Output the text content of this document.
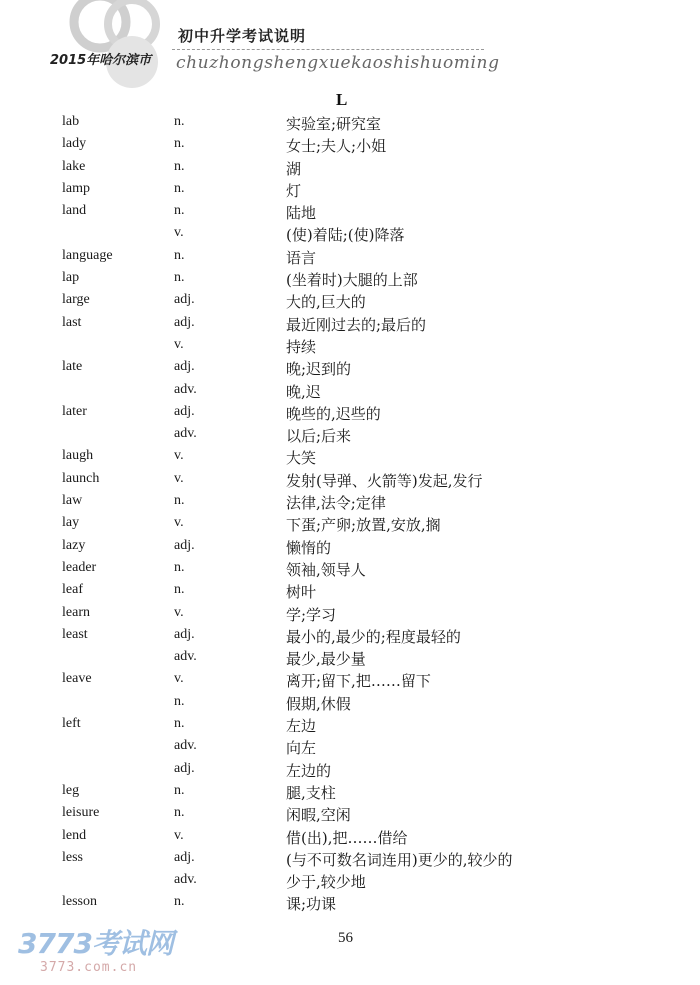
初中升学考试说明
2015年哈尔滨市 chuzhongshengxuekaoshishuoming
L
lab	n.	实验室;研究室
lady	n.	女士;夫人;小姐
lake	n.	湖
lamp	n.	灯
land	n.	陆地
v.	(使)着陆;(使)降落
language	n.	语言
lap	n.	(坐着时)大腿的上部
large	adj.	大的,巨大的
last	adj.	最近刚过去的;最后的
v.	持续
late	adj.	晚;迟到的
adv.	晚,迟
later	adj.	晚些的,迟些的
adv.	以后;后来
laugh	v.	大笑
launch	v.	发射(导弹、火箭等)发起,发行
law	n.	法律,法令;定律
lay	v.	下蛋;产卵;放置,安放,搁
lazy	adj.	懒惰的
leader	n.	领袖,领导人
leaf	n.	树叶
learn	v.	学;学习
least	adj.	最小的,最少的;程度最轻的
adv.	最少,最少量
leave	v.	离开;留下,把……留下
n.	假期,休假
left	n.	左边
adv.	向左
adj.	左边的
leg	n.	腿,支柱
leisure	n.	闲暇,空闲
lend	v.	借(出),把……借给
less	adj.	(与不可数名词连用)更少的,较少的
adv.	少于,较少地
lesson	n.	课;功课
56
3773考试网
3773.com.cn
